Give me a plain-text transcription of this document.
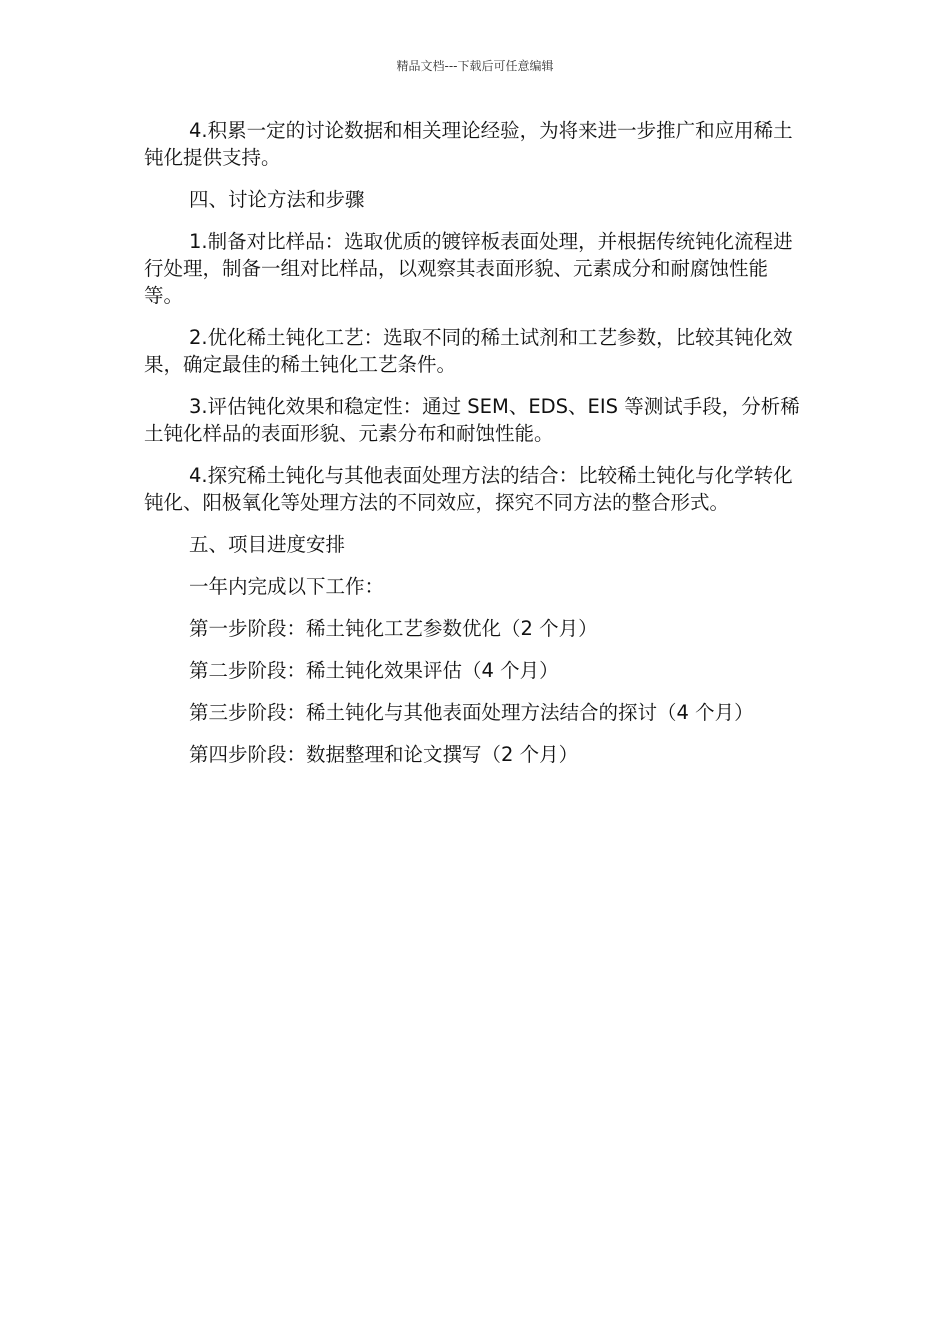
精品文档---下载后可任意编辑

4.积累一定的讨论数据和相关理论经验，为将来进一步推广和应用稀土钝化提供支持。

四、讨论方法和步骤

1.制备对比样品：选取优质的镀锌板表面处理，并根据传统钝化流程进行处理，制备一组对比样品，以观察其表面形貌、元素成分和耐腐蚀性能等。

2.优化稀土钝化工艺：选取不同的稀土试剂和工艺参数，比较其钝化效果，确定最佳的稀土钝化工艺条件。

3.评估钝化效果和稳定性：通过 SEM、EDS、EIS 等测试手段，分析稀土钝化样品的表面形貌、元素分布和耐蚀性能。

4.探究稀土钝化与其他表面处理方法的结合：比较稀土钝化与化学转化钝化、阳极氧化等处理方法的不同效应，探究不同方法的整合形式。

五、项目进度安排

一年内完成以下工作：

第一步阶段：稀土钝化工艺参数优化（2 个月）

第二步阶段：稀土钝化效果评估（4 个月）

第三步阶段：稀土钝化与其他表面处理方法结合的探讨（4 个月）

第四步阶段：数据整理和论文撰写（2 个月）
